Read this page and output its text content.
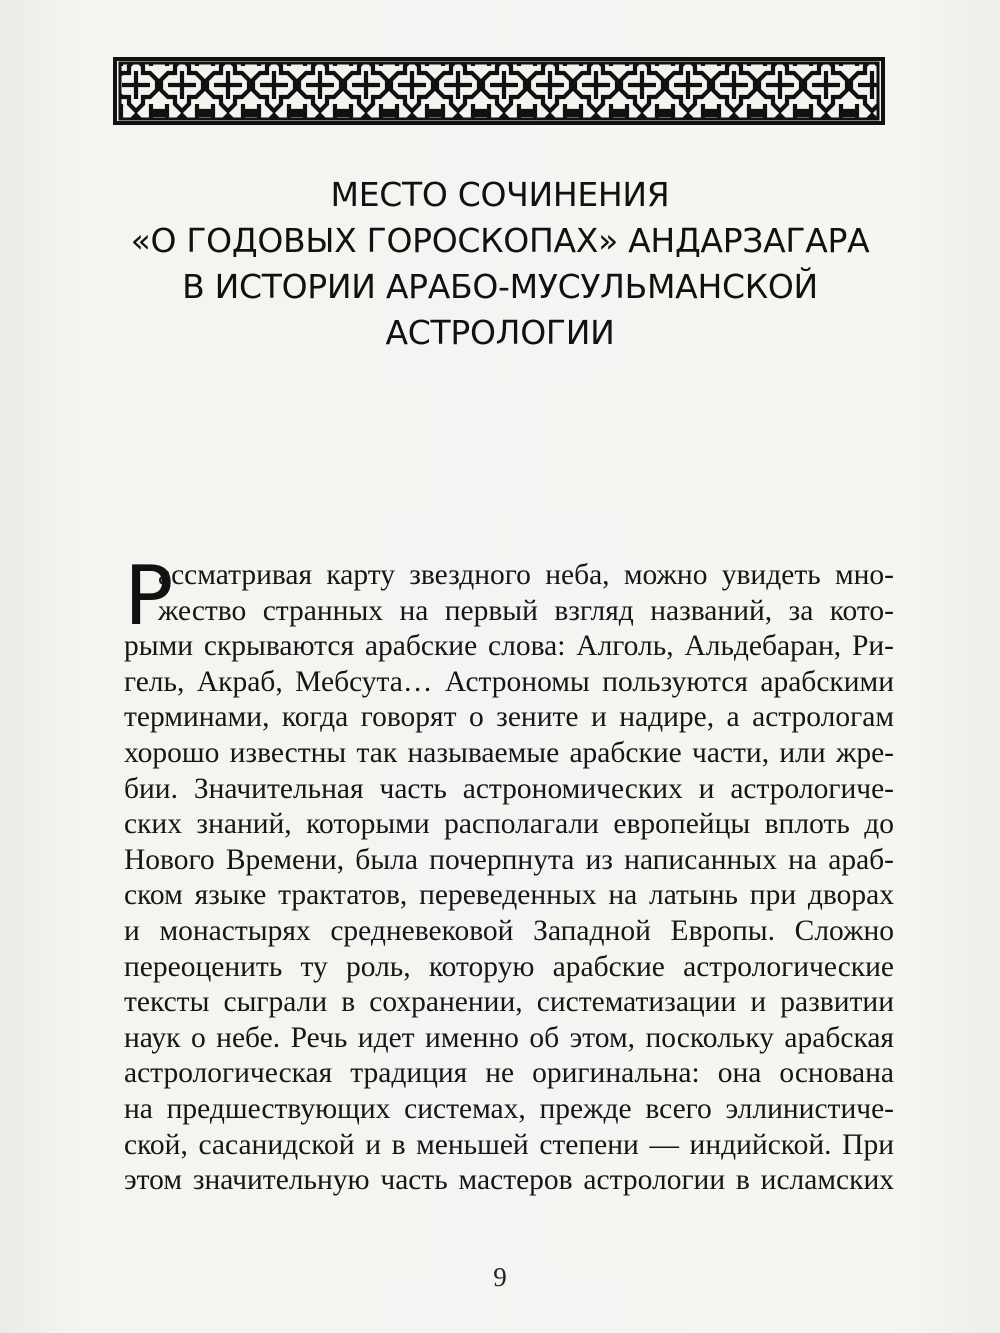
МЕСТО СОЧИНЕНИЯ
«О ГОДОВЫХ ГОРОСКОПАХ» АНДАРЗАГАРА
В ИСТОРИИ АРАБО-МУСУЛЬМАНСКОЙ
АСТРОЛОГИИ
Р
ассматривая карту звездного неба, можно увидеть мно-
жество странных на первый взгляд названий, за кото-
рыми скрываются арабские слова: Алголь, Альдебаран, Ри-
гель, Акраб, Мебсута… Астрономы пользуются арабскими
терминами, когда говорят о зените и надире, а астрологам
хорошо известны так называемые арабские части, или жре-
бии. Значительная часть астрономических и астрологиче-
ских знаний, которыми располагали европейцы вплоть до
Нового Времени, была почерпнута из написанных на араб-
ском языке трактатов, переведенных на латынь при дворах
и монастырях средневековой Западной Европы. Сложно
переоценить ту роль, которую арабские астрологические
тексты сыграли в сохранении, систематизации и развитии
наук о небе. Речь идет именно об этом, поскольку арабская
астрологическая традиция не оригинальна: она основана
на предшествующих системах, прежде всего эллинистиче-
ской, сасанидской и в меньшей степени — индийской. При
этом значительную часть мастеров астрологии в исламских
9
